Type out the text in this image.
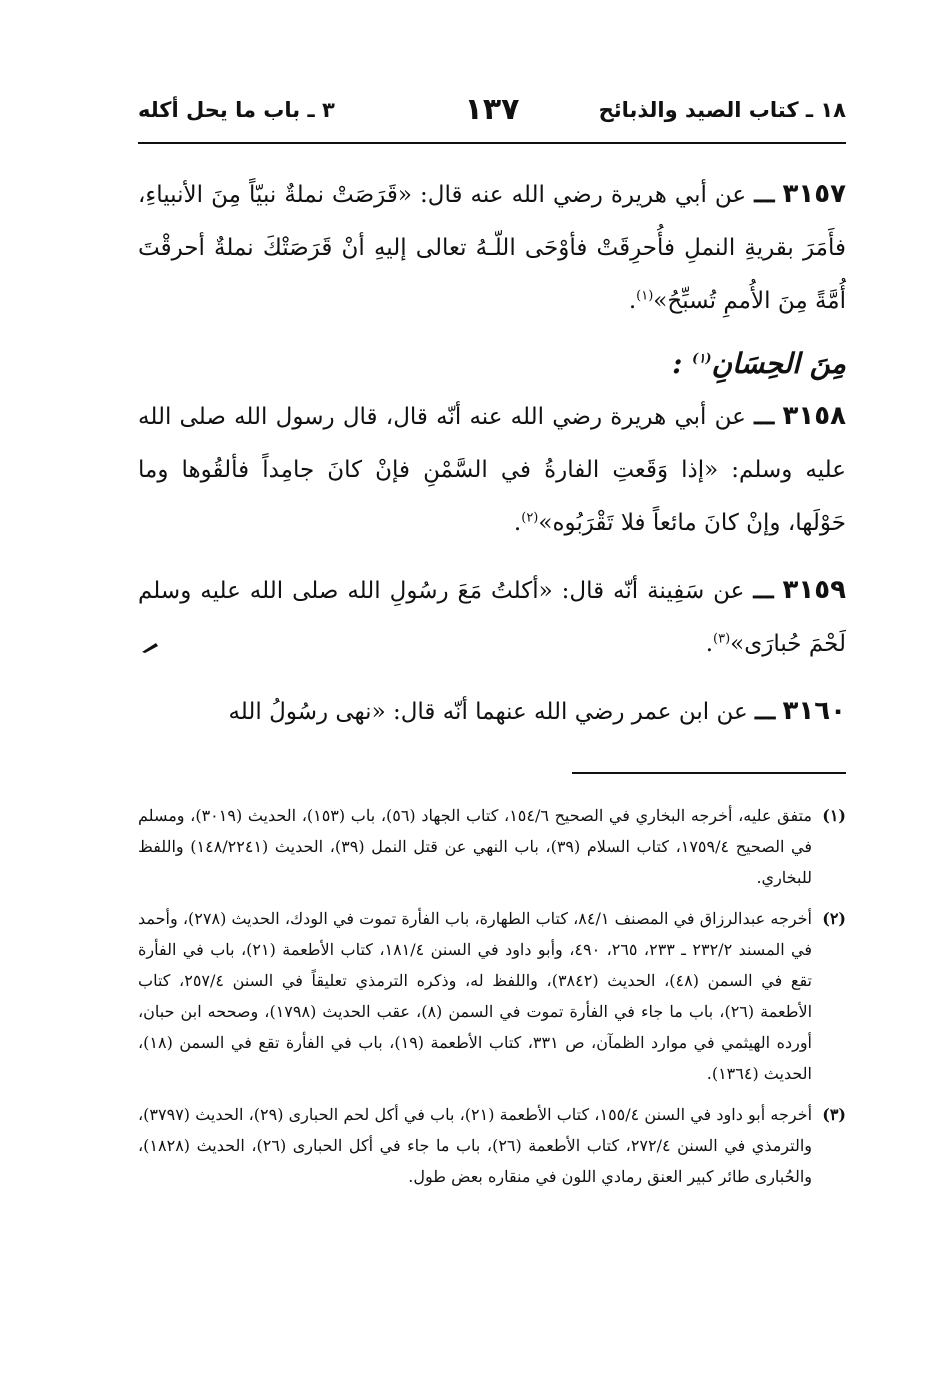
١٨ ـ كتاب الصيد والذبائح
١٣٧
٣ ـ باب ما يحل أكله

٣١٥٧ ـــ عن أبي هريرة رضي الله عنه قال: «قَرَصَتْ نملةٌ نبيّاً مِنَ الأنبياءِ، فأَمَرَ بقريةِ النملِ فأُحرِقَتْ فأوْحَى اللّـهُ تعالى إليهِ أنْ قَرَصَتْكَ نملةٌ أحرقْتَ أُمَّةً مِنَ الأُممِ تُسبِّحُ»$^{(١)}$.

مِنَ الحِسَانِ$^{(١)}$ :

٣١٥٨ ـــ عن أبي هريرة رضي الله عنه أنّه قال، قال رسول الله صلى الله عليه وسلم: «إذا وَقَعتِ الفارةُ في السَّمْنِ فإنْ كانَ جامِداً فألقُوها وما حَوْلَها، وإنْ كانَ مائعاً فلا تَقْرَبُوه»$^{(٢)}$.

٣١٥٩ ـــ عن سَفِينة أنّه قال: «أكلتُ مَعَ رسُولِ الله صلى الله عليه وسلم لَحْمَ حُبارَى»$^{(٣)}$.

٣١٦٠ ـــ عن ابن عمر رضي الله عنهما أنّه قال: «نهى رسُولُ الله

(١)
متفق عليه، أخرجه البخاري في الصحيح ١٥٤/٦، كتاب الجهاد (٥٦)، باب (١٥٣)، الحديث (٣٠١٩)، ومسلم في الصحيح ١٧٥٩/٤، كتاب السلام (٣٩)، باب النهي عن قتل النمل (٣٩)، الحديث (١٤٨/٢٢٤١) واللفظ للبخاري.
(٢)
أخرجه عبدالرزاق في المصنف ٨٤/١، كتاب الطهارة، باب الفأرة تموت في الودك، الحديث (٢٧٨)، وأحمد في المسند ٢٣٢/٢ ـ ٢٣٣، ٢٦٥، ٤٩٠، وأبو داود في السنن ١٨١/٤، كتاب الأطعمة (٢١)، باب في الفأرة تقع في السمن (٤٨)، الحديث (٣٨٤٢)، واللفظ له، وذكره الترمذي تعليقاً في السنن ٢٥٧/٤، كتاب الأطعمة (٢٦)، باب ما جاء في الفأرة تموت في السمن (٨)، عقب الحديث (١٧٩٨)، وصححه ابن حبان، أورده الهيثمي في موارد الظمآن، ص ٣٣١، كتاب الأطعمة (١٩)، باب في الفأرة تقع في السمن (١٨)، الحديث (١٣٦٤).
(٣)
أخرجه أبو داود في السنن ١٥٥/٤، كتاب الأطعمة (٢١)، باب في أكل لحم الحبارى (٢٩)، الحديث (٣٧٩٧)، والترمذي في السنن ٢٧٢/٤، كتاب الأطعمة (٢٦)، باب ما جاء في أكل الحبارى (٢٦)، الحديث (١٨٢٨)، والحُبارى طائر كبير العنق رمادي اللون في منقاره بعض طول.
